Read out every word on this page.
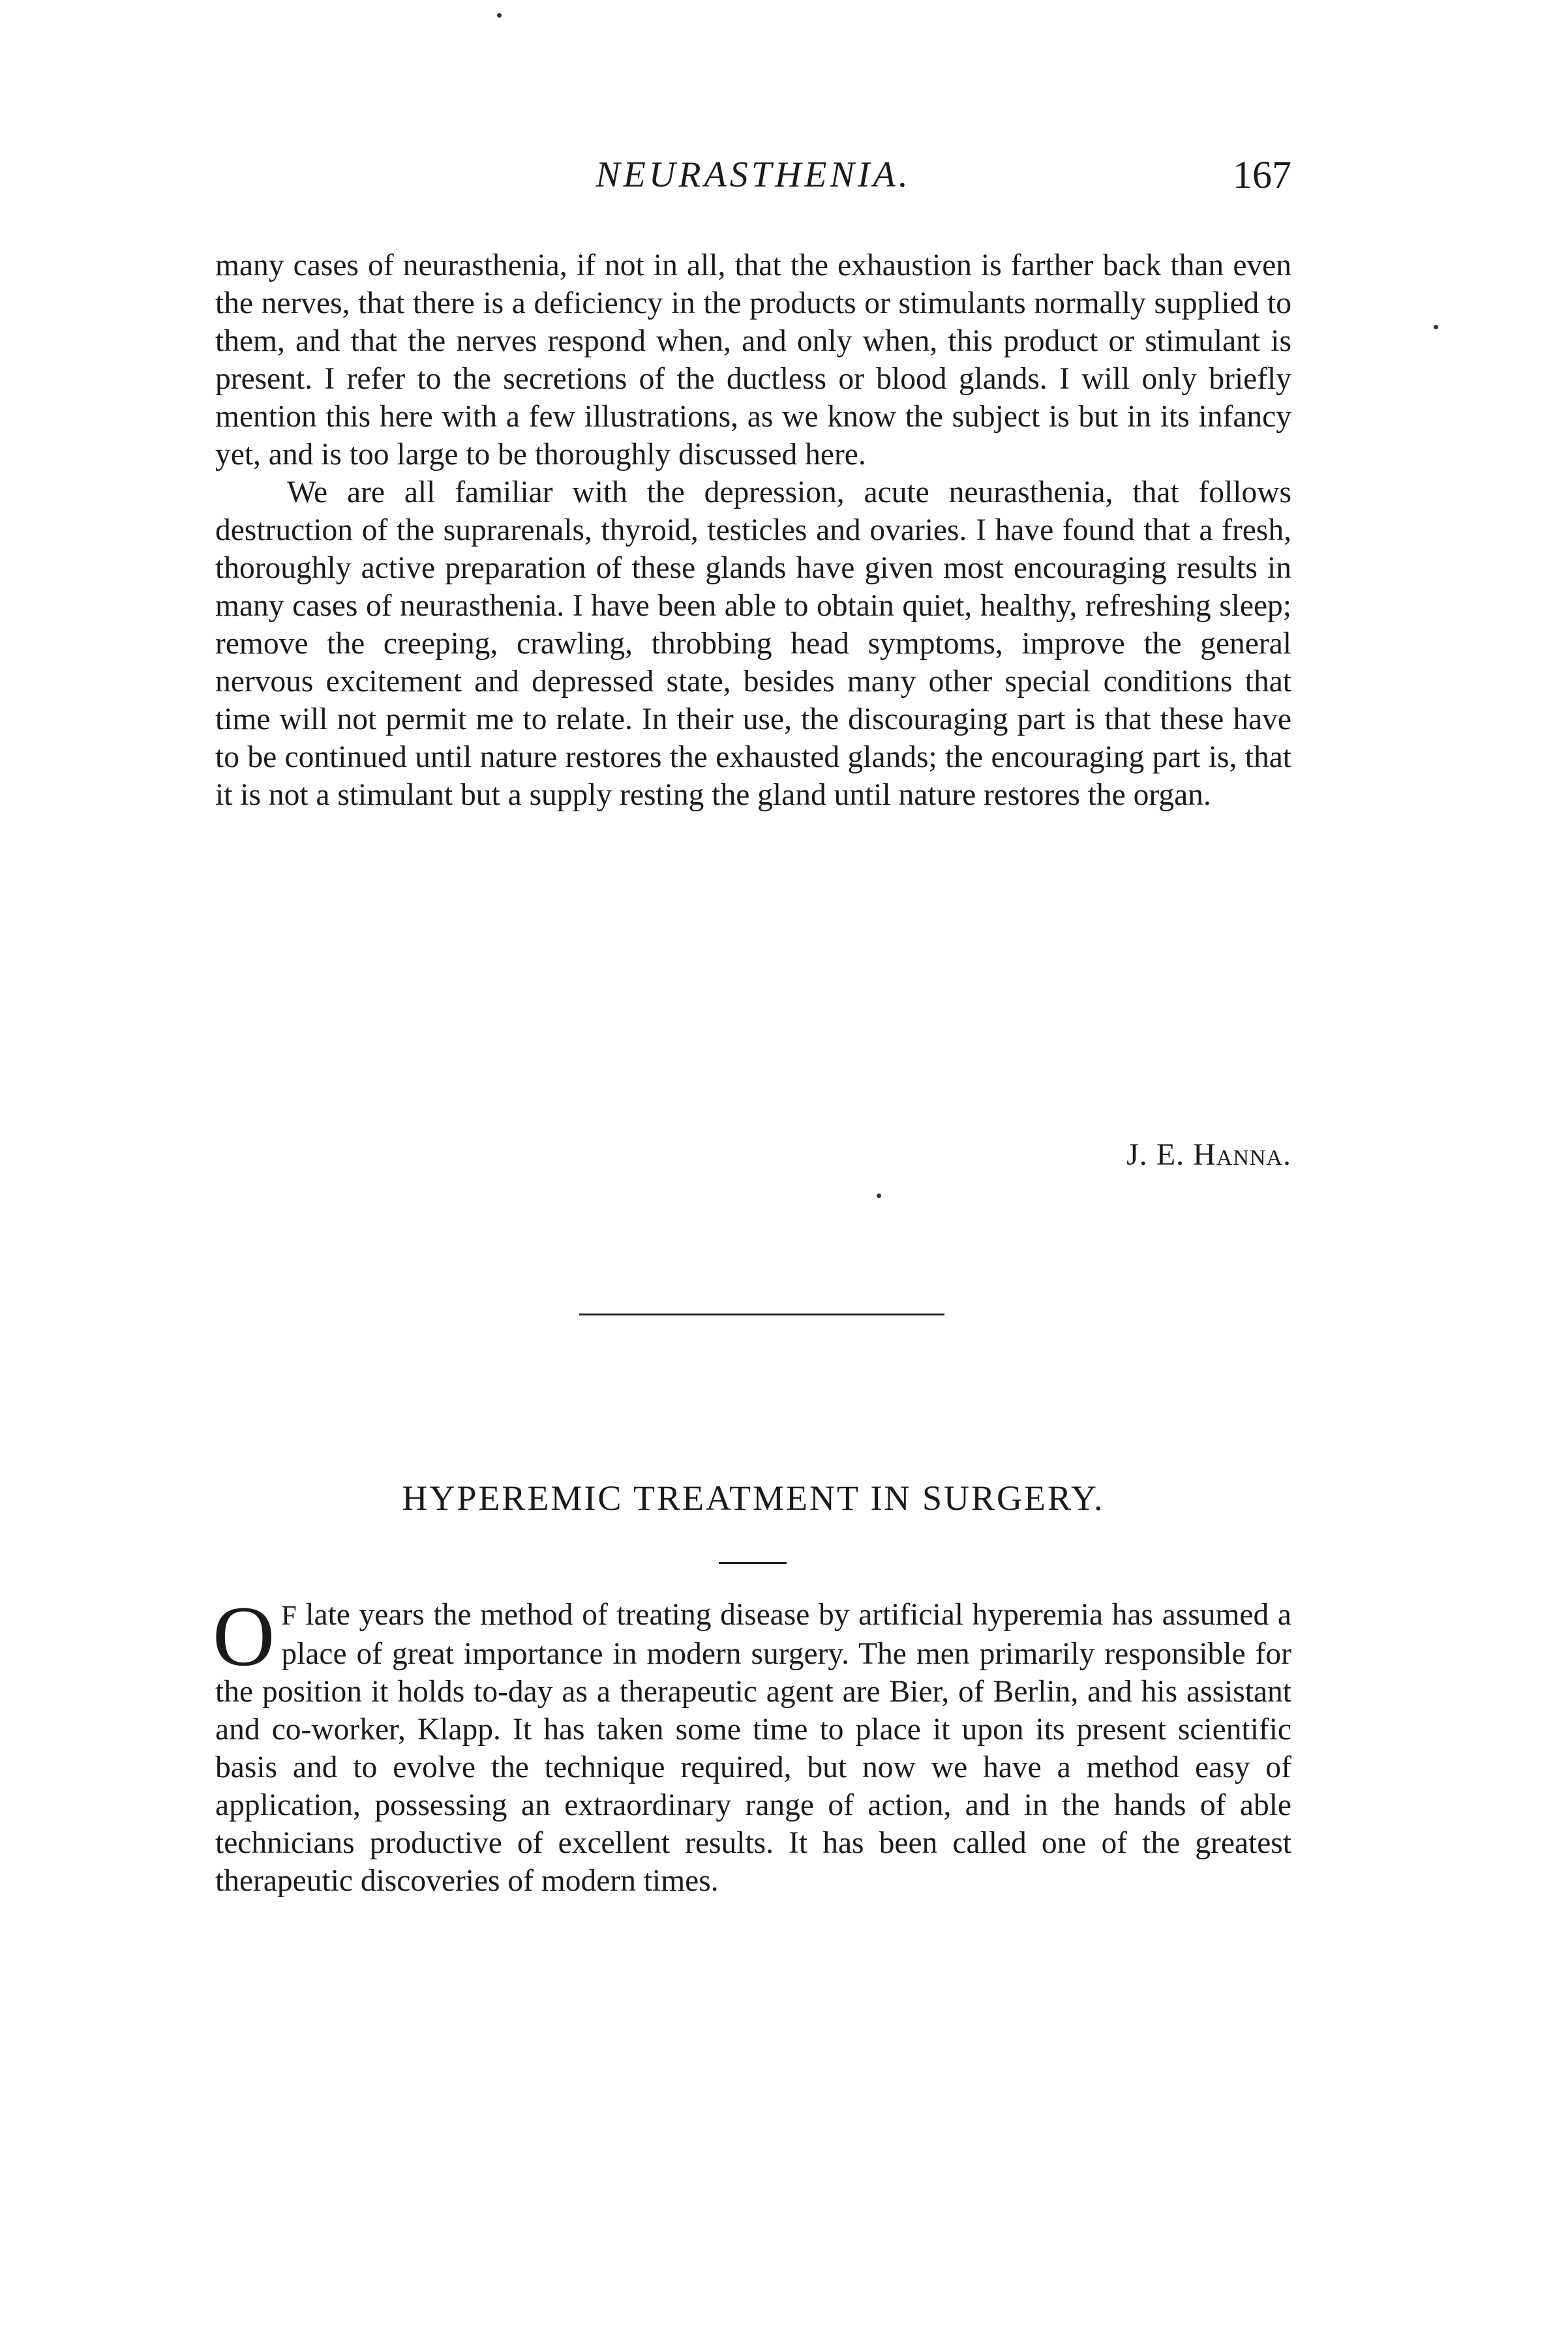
NEURASTHENIA.	167

many cases of neurasthenia, if not in all, that the exhaustion is farther back than even the nerves, that there is a deficiency in the products or stimulants normally supplied to them, and that the nerves respond when, and only when, this product or stimulant is present. I refer to the secretions of the ductless or blood glands. I will only briefly mention this here with a few illustrations, as we know the subject is but in its infancy yet, and is too large to be thoroughly discussed here.

We are all familiar with the depression, acute neurasthenia, that follows destruction of the suprarenals, thyroid, testicles and ovaries. I have found that a fresh, thoroughly active preparation of these glands have given most encouraging results in many cases of neurasthenia. I have been able to obtain quiet, healthy, refreshing sleep; remove the creeping, crawling, throbbing head symptoms, improve the general nervous excitement and depressed state, besides many other special conditions that time will not permit me to relate. In their use, the discouraging part is that these have to be continued until nature restores the exhausted glands; the encouraging part is, that it is not a stimulant but a supply resting the gland until nature restores the organ.

J. E. Hanna.
HYPEREMIC TREATMENT IN SURGERY.

O F late years the method of treating disease by artificial hyperemia has assumed a place of great importance in modern surgery. The men primarily responsible for the position it holds to-day as a therapeutic agent are Bier, of Berlin, and his assistant and co-worker, Klapp. It has taken some time to place it upon its present scientific basis and to evolve the technique required, but now we have a method easy of application, possessing an extraordinary range of action, and in the hands of able technicians productive of excellent results. It has been called one of the greatest therapeutic discoveries of modern times.
